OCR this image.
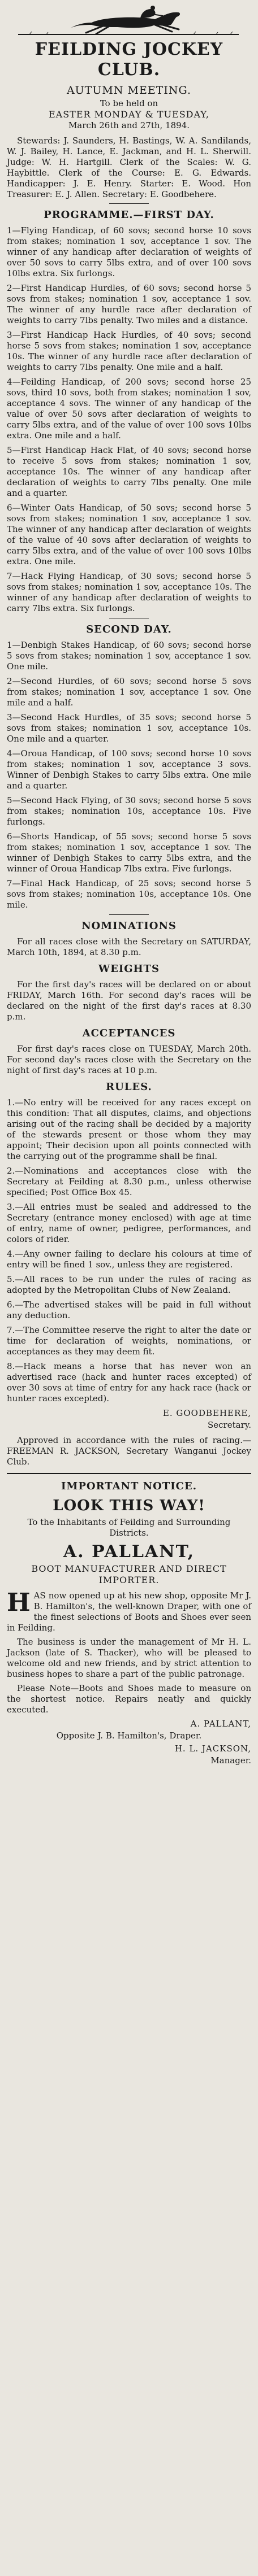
FEILDING JOCKEY CLUB.

AUTUMN MEETING.

To be held on

EASTER MONDAY & TUESDAY,

March 26th and 27th, 1894.

Stewards: J. Saunders, H. Bastings, W. A. Sandilands, W. J. Bailey, H. Lance, E. Jackman, and H. L. Sherwill. Judge: W. H. Hartgill. Clerk of the Scales: W. G. Haybittle. Clerk of the Course: E. G. Edwards. Handicapper: J. E. Henry. Starter: E. Wood. Hon Treasurer: E. J. Allen. Secretary: E. Goodbehere.

PROGRAMME.—FIRST DAY.
1—Flying Handicap, of 60 sovs; second horse 10 sovs from stakes; nomination 1 sov, acceptance 1 sov. The winner of any handicap after declaration of weights of over 50 sovs to carry 5lbs extra, and of over 100 sovs 10lbs extra. Six furlongs.
2—First Handicap Hurdles, of 60 sovs; second horse 5 sovs from stakes; nomination 1 sov, acceptance 1 sov. The winner of any hurdle race after declaration of weights to carry 7lbs penalty. Two miles and a distance.
3—First Handicap Hack Hurdles, of 40 sovs; second horse 5 sovs from stakes; nomination 1 sov, acceptance 10s. The winner of any hurdle race after declaration of weights to carry 7lbs penalty. One mile and a half.
4—Feilding Handicap, of 200 sovs; second horse 25 sovs, third 10 sovs, both from stakes; nomination 1 sov, acceptance 4 sovs. The winner of any handicap of the value of over 50 sovs after declaration of weights to carry 5lbs extra, and of the value of over 100 sovs 10lbs extra. One mile and a half.
5—First Handicap Hack Flat, of 40 sovs; second horse to receive 5 sovs from stakes; nomination 1 sov, acceptance 10s. The winner of any handicap after declaration of weights to carry 7lbs penalty. One mile and a quarter.
6—Winter Oats Handicap, of 50 sovs; second horse 5 sovs from stakes; nomination 1 sov, acceptance 1 sov. The winner of any handicap after declaration of weights of the value of 40 sovs after declaration of weights to carry 5lbs extra, and of the value of over 100 sovs 10lbs extra. One mile.
7—Hack Flying Handicap, of 30 sovs; second horse 5 sovs from stakes; nomination 1 sov, acceptance 10s. The winner of any handicap after declaration of weights to carry 7lbs extra. Six furlongs.
SECOND DAY.
1—Denbigh Stakes Handicap, of 60 sovs; second horse 5 sovs from stakes; nomination 1 sov, acceptance 1 sov. One mile.
2—Second Hurdles, of 60 sovs; second horse 5 sovs from stakes; nomination 1 sov, acceptance 1 sov. One mile and a half.
3—Second Hack Hurdles, of 35 sovs; second horse 5 sovs from stakes; nomination 1 sov, acceptance 10s. One mile and a quarter.
4—Oroua Handicap, of 100 sovs; second horse 10 sovs from stakes; nomination 1 sov, acceptance 3 sovs. Winner of Denbigh Stakes to carry 5lbs extra. One mile and a quarter.
5—Second Hack Flying, of 30 sovs; second horse 5 sovs from stakes; nomination 10s, acceptance 10s. Five furlongs.
6—Shorts Handicap, of 55 sovs; second horse 5 sovs from stakes; nomination 1 sov, acceptance 1 sov. The winner of Denbigh Stakes to carry 5lbs extra, and the winner of Oroua Handicap 7lbs extra. Five furlongs.
7—Final Hack Handicap, of 25 sovs; second horse 5 sovs from stakes; nomination 10s, acceptance 10s. One mile.
NOMINATIONS

For all races close with the Secretary on SATURDAY, March 10th, 1894, at 8.30 p.m.

WEIGHTS

For the first day's races will be declared on or about FRIDAY, March 16th. For second day's races will be declared on the night of the first day's races at 8.30 p.m.

ACCEPTANCES

For first day's races close on TUESDAY, March 20th. For second day's races close with the Secretary on the night of first day's races at 10 p.m.

RULES.
1.—No entry will be received for any races except on this condition: That all disputes, claims, and objections arising out of the racing shall be decided by a majority of the stewards present or those whom they may appoint; Their decision upon all points connected with the carrying out of the programme shall be final.
2.—Nominations and acceptances close with the Secretary at Feilding at 8.30 p.m., unless otherwise specified; Post Office Box 45.
3.—All entries must be sealed and addressed to the Secretary (entrance money enclosed) with age at time of entry, name of owner, pedigree, performances, and colors of rider.
4.—Any owner failing to declare his colours at time of entry will be fined 1 sov., unless they are registered.
5.—All races to be run under the rules of racing as adopted by the Metropolitan Clubs of New Zealand.
6.—The advertised stakes will be paid in full without any deduction.
7.—The Committee reserve the right to alter the date or time for declaration of weights, nominations, or acceptances as they may deem fit.
8.—Hack means a horse that has never won an advertised race (hack and hunter races excepted) of over 30 sovs at time of entry for any hack race (hack or hunter races excepted).

E. GOODBEHERE,

Secretary.

Approved in accordance with the rules of racing.—FREEMAN R. JACKSON, Secretary Wanganui Jockey Club.

IMPORTANT NOTICE.
LOOK THIS WAY!

To the Inhabitants of Feilding and Surrounding Districts.

A. PALLANT,

BOOT MANUFACTURER AND DIRECT IMPORTER.

HAS now opened up at his new shop, opposite Mr J. B. Hamilton's, the well-known Draper, with one of the finest selections of Boots and Shoes ever seen in Feilding.

The business is under the management of Mr H. L. Jackson (late of S. Thacker), who will be pleased to welcome old and new friends, and by strict attention to business hopes to share a part of the public patronage.

Please Note—Boots and Shoes made to measure on the shortest notice. Repairs neatly and quickly executed.

A. PALLANT,

Opposite J. B. Hamilton's, Draper.

H. L. JACKSON,

Manager.
